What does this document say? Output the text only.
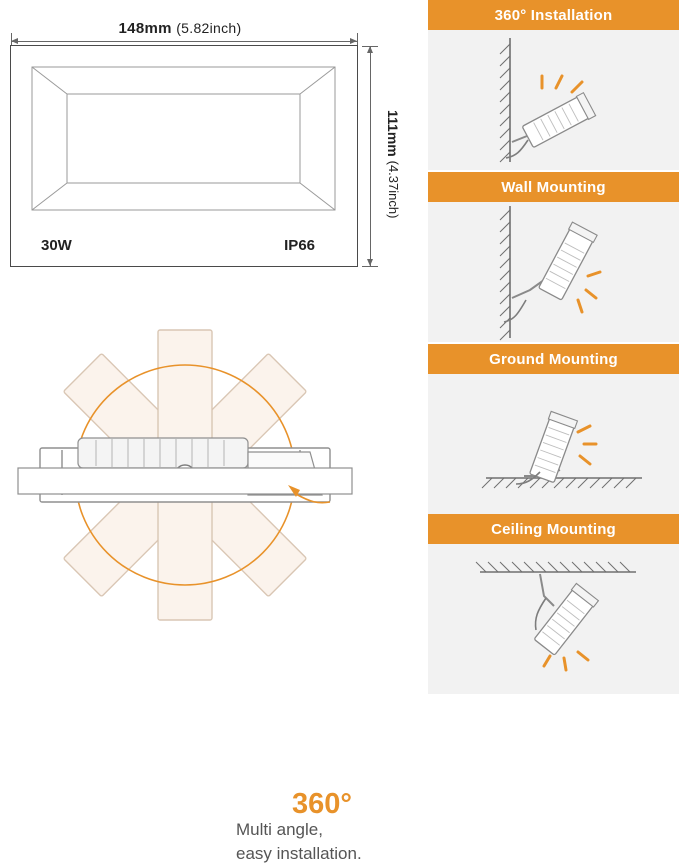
148mm (5.82inch)
111mm (4.37inch)
30W	IP66
360°
Multi angle,
easy installation.
360° Installation
Wall Mounting
Ground Mounting
Ceiling Mounting
